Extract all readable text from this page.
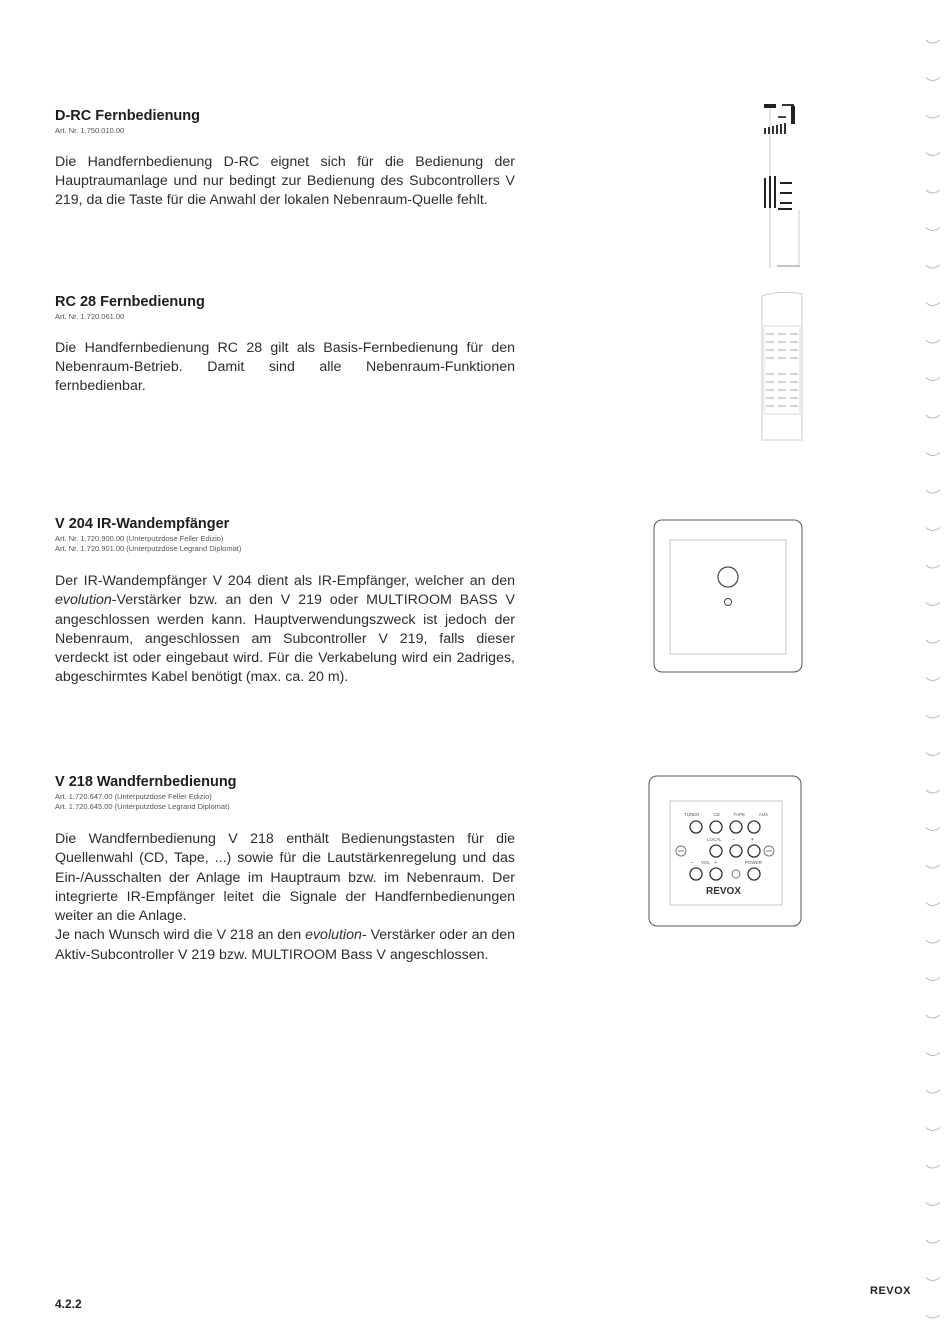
D-RC Fernbedienung
Art. Nr. 1.750.010.00

Die Handfernbedienung D-RC eignet sich für die Bedienung der Hauptraumanlage und nur bedingt zur Bedienung des Subcontrollers V 219, da die Taste für die Anwahl der lokalen Nebenraum-Quelle fehlt.

RC 28 Fernbedienung
Art. Nr. 1.720.061.00

Die Handfernbedienung RC 28 gilt als Basis-Fernbedienung für den Nebenraum-Betrieb. Damit sind alle Nebenraum-Funktionen fernbedienbar.

V 204 IR-Wandempfänger
Art. Nr. 1.720.900.00 (Unterputzdose Feller Edizio)
Art. Nr. 1.720.901.00 (Unterputzdose Legrand Diplomat)

Der IR-Wandempfänger V 204 dient als IR-Empfänger, welcher an den evolution-Verstärker bzw. an den V 219 oder MULTIROOM BASS V angeschlossen werden kann. Hauptverwendungszweck ist jedoch der Nebenraum, angeschlossen am Subcontroller V 219, falls dieser verdeckt ist oder eingebaut wird. Für die Verkabelung wird ein 2adriges, abgeschirmtes Kabel benötigt (max. ca. 20 m).

V 218 Wandfernbedienung
Art. 1.720.647.00 (Unterputzdose Feller Edizio)
Art. 1.720.645.00 (Unterputzdose Legrand Diplomat)

Die Wandfernbedienung V 218 enthält Bedienungstasten für die Quellenwahl (CD, Tape, ...) sowie für die Lautstärkenregelung und das Ein-/Ausschalten der Anlage im Hauptraum bzw. im Nebenraum. Der integrierte IR-Empfänger leitet die Signale der Handfernbedienungen weiter an die Anlage.

Je nach Wunsch wird die V 218 an den evolution- Verstärker oder an den Aktiv-Subcontroller V 219 bzw. MULTIROOM Bass V angeschlossen.

TUNER	CD	TAPE	AUX
LOCAL –	+
– VOL +	POWER
REVOX
4.2.2
REVOX
